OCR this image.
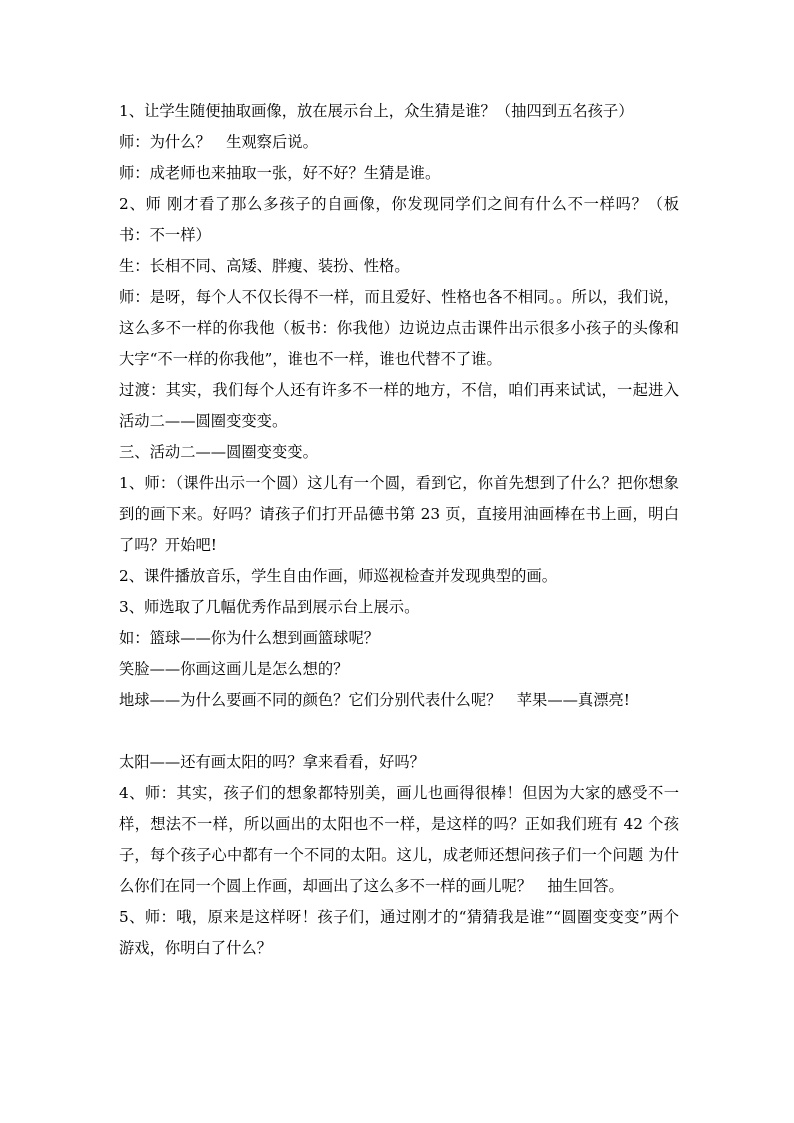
1、让学生随便抽取画像，放在展示台上，众生猜是谁？（抽四到五名孩子）

师：为什么？　生观察后说。

师：成老师也来抽取一张，好不好？生猜是谁。

2、师 刚才看了那么多孩子的自画像，你发现同学们之间有什么不一样吗？（板书：不一样）

生：长相不同、高矮、胖瘦、装扮、性格。

师：是呀，每个人不仅长得不一样，而且爱好、性格也各不相同。。所以，我们说，这么多不一样的你我他（板书：你我他）边说边点击课件出示很多小孩子的头像和大字“不一样的你我他”，谁也不一样，谁也代替不了谁。

过渡：其实，我们每个人还有许多不一样的地方，不信，咱们再来试试，一起进入活动二——圆圈变变变。

三、活动二——圆圈变变变。

1、师：（课件出示一个圆）这儿有一个圆，看到它，你首先想到了什么？把你想象到的画下来。好吗？请孩子们打开品德书第 23 页，直接用油画棒在书上画，明白了吗？开始吧!

2、课件播放音乐，学生自由作画，师巡视检查并发现典型的画。

3、师选取了几幅优秀作品到展示台上展示。

如：篮球——你为什么想到画篮球呢？

笑脸——你画这画儿是怎么想的？

地球——为什么要画不同的颜色？它们分别代表什么呢？　苹果——真漂亮!

太阳——还有画太阳的吗？拿来看看，好吗？

4、师：其实，孩子们的想象都特别美，画儿也画得很棒！但因为大家的感受不一样，想法不一样，所以画出的太阳也不一样，是这样的吗？正如我们班有 42 个孩子，每个孩子心中都有一个不同的太阳。这儿，成老师还想问孩子们一个问题 为什么你们在同一个圆上作画，却画出了这么多不一样的画儿呢？　抽生回答。

5、师：哦，原来是这样呀！孩子们，通过刚才的“猜猜我是谁”“圆圈变变变”两个游戏，你明白了什么？
